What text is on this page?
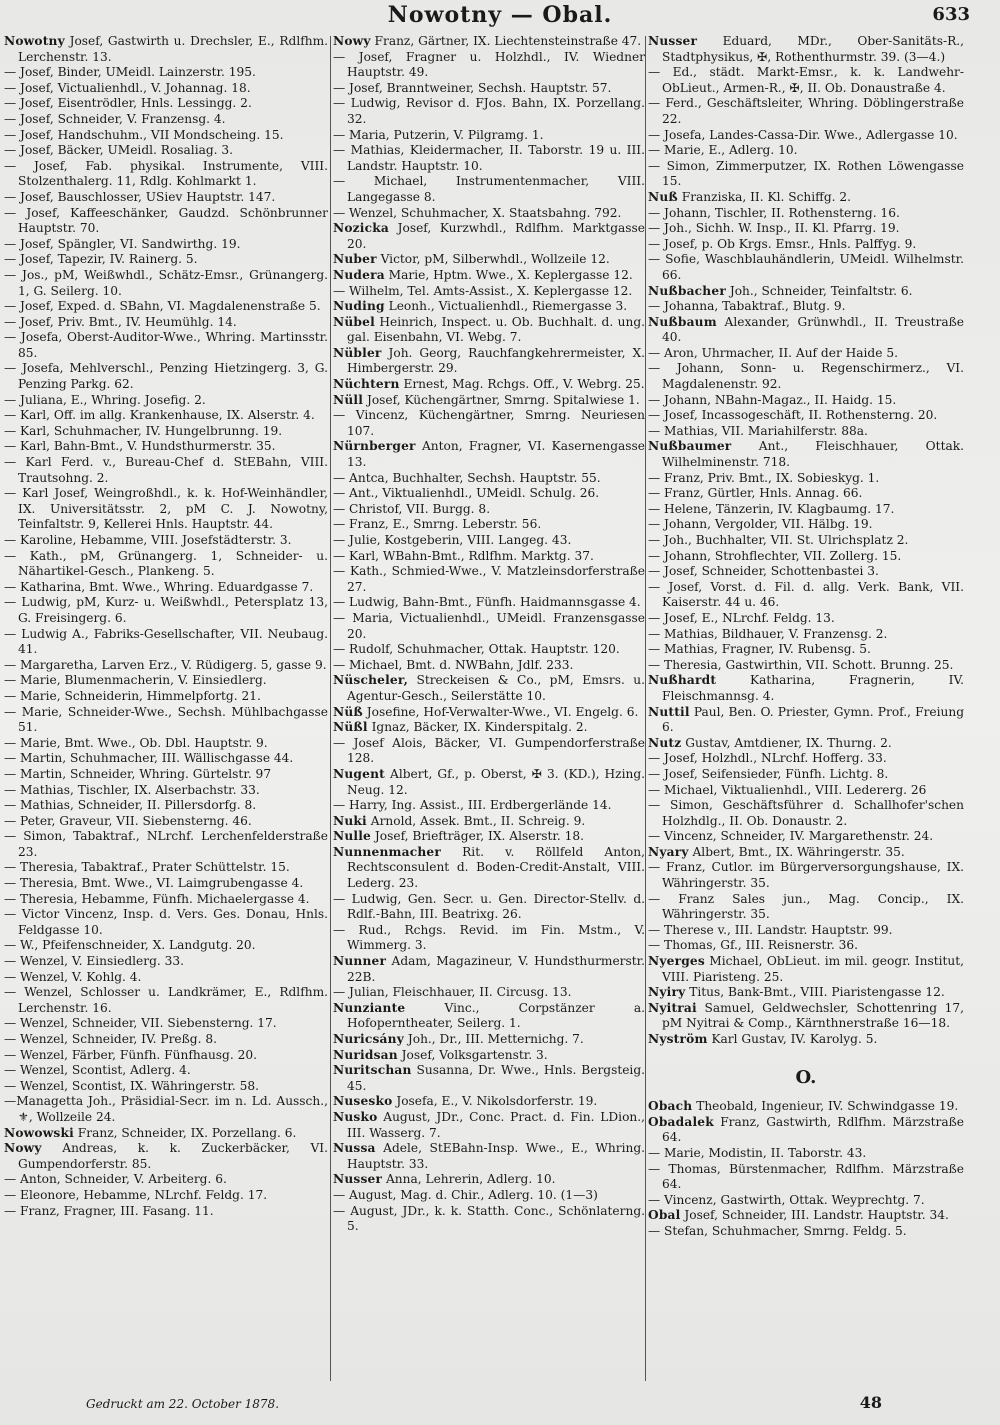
Nowotny — Obal.	633

Nowotny Josef, Gastwirth u. Drechsler, E., Rdlfhm. Lerchenstr. 13.

— Josef, Binder, UMeidl. Lainzerstr. 195.

— Josef, Victualienhdl., V. Johannag. 18.

— Josef, Eisentrödler, Hnls. Lessingg. 2.

— Josef, Schneider, V. Franzensg. 4.

— Josef, Handschuhm., VII Mondscheing. 15.

— Josef, Bäcker, UMeidl. Rosaliag. 3.

— Josef, Fab. physikal. Instrumente, VIII. Stolzenthalerg. 11, Rdlg. Kohlmarkt 1.

— Josef, Bauschlosser, USiev Hauptstr. 147.

— Josef, Kaffeeschänker, Gaudzd. Schönbrunner Hauptstr. 70.

— Josef, Spängler, VI. Sandwirthg. 19.

— Josef, Tapezir, IV. Rainerg. 5.

— Jos., pM, Weißwhdl., Schätz-Emsr., Grünangerg. 1, G. Seilerg. 10.

— Josef, Exped. d. SBahn, VI. Magdalenenstraße 5.

— Josef, Priv. Bmt., IV. Heumühlg. 14.

— Josefa, Oberst-Auditor-Wwe., Whring. Martinsstr. 85.

— Josefa, Mehlverschl., Penzing Hietzingerg. 3, G. Penzing Parkg. 62.

— Juliana, E., Whring. Josefig. 2.

— Karl, Off. im allg. Krankenhause, IX. Alserstr. 4.

— Karl, Schuhmacher, IV. Hungelbrunng. 19.

— Karl, Bahn-Bmt., V. Hundsthurmerstr. 35.

— Karl Ferd. v., Bureau-Chef d. StEBahn, VIII. Trautsohng. 2.

— Karl Josef, Weingroßhdl., k. k. Hof-Weinhändler, IX. Universitätsstr. 2, pM C. J. Nowotny, Teinfaltstr. 9, Kellerei Hnls. Hauptstr. 44.

— Karoline, Hebamme, VIII. Josefstädterstr. 3.

— Kath., pM, Grünangerg. 1, Schneider- u. Nähartikel-Gesch., Plankeng. 5.

— Katharina, Bmt. Wwe., Whring. Eduardgasse 7.

— Ludwig, pM, Kurz- u. Weißwhdl., Petersplatz 13, G. Freisingerg. 6.

— Ludwig A., Fabriks-Gesellschafter, VII. Neubaug. 41.

— Margaretha, Larven Erz., V. Rüdigerg. 5, gasse 9.

— Marie, Blumenmacherin, V. Einsiedlerg.

— Marie, Schneiderin, Himmelpfortg. 21.

— Marie, Schneider-Wwe., Sechsh. Mühlbachgasse 51.

— Marie, Bmt. Wwe., Ob. Dbl. Hauptstr. 9.

— Martin, Schuhmacher, III. Wällischgasse 44.

— Martin, Schneider, Whring. Gürtelstr. 97

— Mathias, Tischler, IX. Alserbachstr. 33.

— Mathias, Schneider, II. Pillersdorfg. 8.

— Peter, Graveur, VII. Siebensterng. 46.

— Simon, Tabaktraf., NLrchf. Lerchenfelderstraße 23.

— Theresia, Tabaktraf., Prater Schüttelstr. 15.

— Theresia, Bmt. Wwe., VI. Laimgrubengasse 4.

— Theresia, Hebamme, Fünfh. Michaelergasse 4.

— Victor Vincenz, Insp. d. Vers. Ges. Donau, Hnls. Feldgasse 10.

— W., Pfeifenschneider, X. Landgutg. 20.

— Wenzel, V. Einsiedlerg. 33.

— Wenzel, V. Kohlg. 4.

— Wenzel, Schlosser u. Landkrämer, E., Rdlfhm. Lerchenstr. 16.

— Wenzel, Schneider, VII. Siebensterng. 17.

— Wenzel, Schneider, IV. Preßg. 8.

— Wenzel, Färber, Fünfh. Fünfhausg. 20.

— Wenzel, Scontist, Adlerg. 4.

— Wenzel, Scontist, IX. Währingerstr. 58.

—Managetta Joh., Präsidial-Secr. im n. Ld. Aussch., ⚜, Wollzeile 24.

Nowowski Franz, Schneider, IX. Porzellang. 6.

Nowy Andreas, k. k. Zuckerbäcker, VI. Gumpendorferstr. 85.

— Anton, Schneider, V. Arbeiterg. 6.

— Eleonore, Hebamme, NLrchf. Feldg. 17.

— Franz, Fragner, III. Fasang. 11.

Nowy Franz, Gärtner, IX. Liechtensteinstraße 47.

— Josef, Fragner u. Holzhdl., IV. Wiedner Hauptstr. 49.

— Josef, Branntweiner, Sechsh. Hauptstr. 57.

— Ludwig, Revisor d. FJos. Bahn, IX. Porzellang. 32.

— Maria, Putzerin, V. Pilgramg. 1.

— Mathias, Kleidermacher, II. Taborstr. 19 u. III. Landstr. Hauptstr. 10.

— Michael, Instrumentenmacher, VIII. Langegasse 8.

— Wenzel, Schuhmacher, X. Staatsbahng. 792.

Nozicka Josef, Kurzwhdl., Rdlfhm. Marktgasse 20.

Nuber Victor, pM, Silberwhdl., Wollzeile 12.

Nudera Marie, Hptm. Wwe., X. Keplergasse 12.

— Wilhelm, Tel. Amts-Assist., X. Keplergasse 12.

Nuding Leonh., Victualienhdl., Riemergasse 3.

Nübel Heinrich, Inspect. u. Ob. Buchhalt. d. ung. gal. Eisenbahn, VI. Webg. 7.

Nübler Joh. Georg, Rauchfangkehrermeister, X. Himbergerstr. 29.

Nüchtern Ernest, Mag. Rchgs. Off., V. Webrg. 25.

Nüll Josef, Küchengärtner, Smrng. Spitalwiese 1.

— Vincenz, Küchengärtner, Smrng. Neuriesen 107.

Nürnberger Anton, Fragner, VI. Kasernengasse 13.

— Antca, Buchhalter, Sechsh. Hauptstr. 55.

— Ant., Viktualienhdl., UMeidl. Schulg. 26.

— Christof, VII. Burgg. 8.

— Franz, E., Smrng. Leberstr. 56.

— Julie, Kostgeberin, VIII. Langeg. 43.

— Karl, WBahn-Bmt., Rdlfhm. Marktg. 37.

— Kath., Schmied-Wwe., V. Matzleinsdorferstraße 27.

— Ludwig, Bahn-Bmt., Fünfh. Haidmannsgasse 4.

— Maria, Victualienhdl., UMeidl. Franzensgasse 20.

— Rudolf, Schuhmacher, Ottak. Hauptstr. 120.

— Michael, Bmt. d. NWBahn, Jdlf. 233.

Nüscheler, Streckeisen & Co., pM, Emsrs. u. Agentur-Gesch., Seilerstätte 10.

Nüß Josefine, Hof-Verwalter-Wwe., VI. Engelg. 6.

Nüßl Ignaz, Bäcker, IX. Kinderspitalg. 2.

— Josef Alois, Bäcker, VI. Gumpendorferstraße 128.

Nugent Albert, Gf., p. Oberst, ✠ 3. (KD.), Hzing. Neug. 12.

— Harry, Ing. Assist., III. Erdbergerlände 14.

Nuki Arnold, Assek. Bmt., II. Schreig. 9.

Nulle Josef, Briefträger, IX. Alserstr. 18.

Nunnenmacher Rit. v. Röllfeld Anton, Rechtsconsulent d. Boden-Credit-Anstalt, VIII. Lederg. 23.

— Ludwig, Gen. Secr. u. Gen. Director-Stellv. d. Rdlf.-Bahn, III. Beatrixg. 26.

— Rud., Rchgs. Revid. im Fin. Mstm., V. Wimmerg. 3.

Nunner Adam, Magazineur, V. Hundsthurmerstr. 22B.

— Julian, Fleischhauer, II. Circusg. 13.

Nunziante	Vinc., Corpstänzer a. Hofoperntheater, Seilerg. 1.

Nuricsány Joh., Dr., III. Metternichg. 7.

Nuridsan Josef, Volksgartenstr. 3.

Nuritschan Susanna, Dr. Wwe., Hnls. Bergsteig. 45.

Nusesko Josefa, E., V. Nikolsdorferstr. 19.

Nusko August, JDr., Conc. Pract. d. Fin. LDion., III. Wasserg. 7.

Nussa Adele, StEBahn-Insp. Wwe., E., Whring. Hauptstr. 33.

Nusser Anna, Lehrerin, Adlerg. 10.

— August, Mag. d. Chir., Adlerg. 10. (1—3)

— August, JDr., k. k. Statth. Conc., Schönlaterng. 5.

Nusser Eduard, MDr., Ober-Sanitäts-R., Stadtphysikus, ✠, Rothenthurmstr. 39. (3—4.)

— Ed., städt. Markt-Emsr., k. k. Landwehr-ObLieut., Armen-R., ✠, II. Ob. Donaustraße 4.

— Ferd., Geschäftsleiter, Whring. Döblingerstraße 22.

— Josefa, Landes-Cassa-Dir. Wwe., Adlergasse 10.

— Marie, E., Adlerg. 10.

— Simon, Zimmerputzer, IX. Rothen Löwengasse 15.

Nuß Franziska, II. Kl. Schiffg. 2.

— Johann, Tischler, II. Rothensterng. 16.

— Joh., Sichh. W. Insp., II. Kl. Pfarrg. 19.

— Josef, p. Ob Krgs. Emsr., Hnls. Palffyg. 9.

— Sofie, Waschblauhändlerin, UMeidl. Wilhelmstr. 66.

Nußbacher Joh., Schneider, Teinfaltstr. 6.

— Johanna, Tabaktraf., Blutg. 9.

Nußbaum Alexander, Grünwhdl., II. Treustraße 40.

— Aron, Uhrmacher, II. Auf der Haide 5.

— Johann, Sonn- u. Regenschirmerz., VI. Magdalenenstr. 92.

— Johann, NBahn-Magaz., II. Haidg. 15.

— Josef, Incassogeschäft, II. Rothensterng. 20.

— Mathias, VII. Mariahilferstr. 88a.

Nußbaumer Ant., Fleischhauer, Ottak. Wilhelminenstr. 718.

— Franz, Priv. Bmt., IX. Sobieskyg. 1.

— Franz, Gürtler, Hnls. Annag. 66.

— Helene, Tänzerin, IV. Klagbaumg. 17.

— Johann, Vergolder, VII. Hälbg. 19.

— Joh., Buchhalter, VII. St. Ulrichsplatz 2.

— Johann, Strohflechter, VII. Zollerg. 15.

— Josef, Schneider, Schottenbastei 3.

— Josef, Vorst. d. Fil. d. allg. Verk. Bank, VII. Kaiserstr. 44 u. 46.

— Josef, E., NLrchf. Feldg. 13.

— Mathias, Bildhauer, V. Franzensg. 2.

— Mathias, Fragner, IV. Rubensg. 5.

— Theresia, Gastwirthin, VII. Schott. Brunng. 25.

Nußhardt	Katharina, Fragnerin, IV. Fleischmannsg. 4.

Nuttil Paul, Ben. O. Priester, Gymn. Prof., Freiung 6.

Nutz Gustav, Amtdiener, IX. Thurng. 2.

— Josef, Holzhdl., NLrchf. Hofferg. 33.

— Josef, Seifensieder, Fünfh. Lichtg. 8.

— Michael, Viktualienhdl., VIII. Ledererg. 26

— Simon, Geschäftsführer d. Schallhofer'schen Holzhdlg., II. Ob. Donaustr. 2.

— Vincenz, Schneider, IV. Margarethenstr. 24.

Nyary Albert, Bmt., IX. Währingerstr. 35.

— Franz, Cutlor. im Bürgerversorgungshause, IX. Währingerstr. 35.

— Franz Sales jun., Mag. Concip., IX. Währingerstr. 35.

— Therese v., III. Landstr. Hauptstr. 99.

— Thomas, Gf., III. Reisnerstr. 36.

Nyerges Michael, ObLieut. im mil. geogr. Institut, VIII. Piaristeng. 25.

Nyiry Titus, Bank-Bmt., VIII. Piaristengasse 12.

Nyitrai Samuel, Geldwechsler, Schottenring 17, pM Nyitrai & Comp., Kärnthnerstraße 16—18.

Nyström Karl Gustav, IV. Karolyg. 5.

O.

Obach Theobald, Ingenieur, IV. Schwindgasse 19.

Obadalek Franz, Gastwirth, Rdlfhm. Märzstraße 64.

— Marie, Modistin, II. Taborstr. 43.

— Thomas, Bürstenmacher, Rdlfhm. Märzstraße 64.

— Vincenz, Gastwirth, Ottak. Weyprechtg. 7.

Obal Josef, Schneider, III. Landstr. Hauptstr. 34.

— Stefan, Schuhmacher, Smrng. Feldg. 5.

Gedruckt am 22. October 1878.	48
